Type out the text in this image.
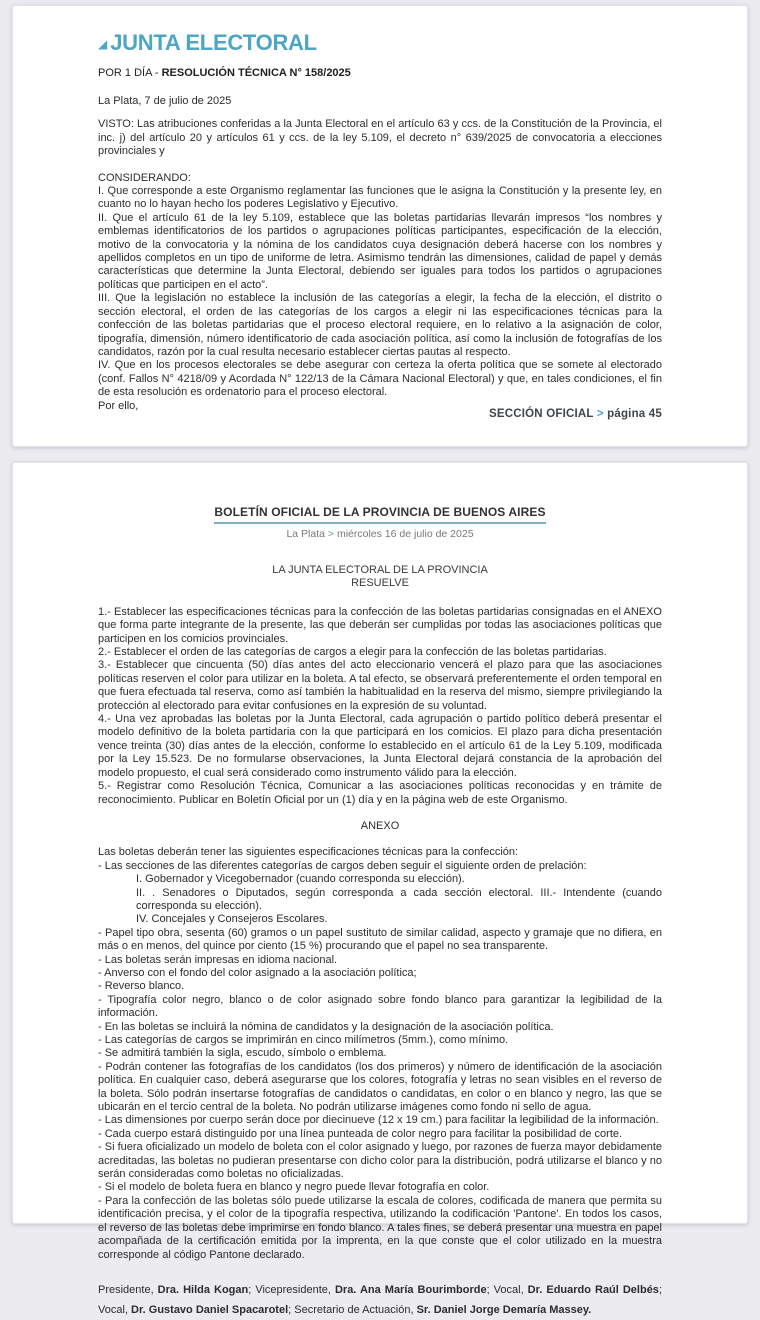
◢ JUNTA ELECTORAL

POR 1 DÍA - RESOLUCIÓN TÉCNICA N° 158/2025

La Plata, 7 de julio de 2025

VISTO: Las atribuciones conferidas a la Junta Electoral en el artículo 63 y ccs. de la Constitución de la Provincia, el inc. j) del artículo 20 y artículos 61 y ccs. de la ley 5.109, el decreto n° 639/2025 de convocatoria a elecciones provinciales y

CONSIDERANDO:

I. Que corresponde a este Organismo reglamentar las funciones que le asigna la Constitución y la presente ley, en cuanto no lo hayan hecho los poderes Legislativo y Ejecutivo.

II. Que el artículo 61 de la ley 5.109, establece que las boletas partidarias llevarán impresos “los nombres y emblemas identificatorios de los partidos o agrupaciones políticas participantes, especificación de la elección, motivo de la convocatoria y la nómina de los candidatos cuya designación deberá hacerse con los nombres y apellidos completos en un tipo de uniforme de letra. Asimismo tendrán las dimensiones, calidad de papel y demás características que determine la Junta Electoral, debiendo ser iguales para todos los partidos o agrupaciones políticas que participen en el acto”.

III. Que la legislación no establece la inclusión de las categorías a elegir, la fecha de la elección, el distrito o sección electoral, el orden de las categorías de los cargos a elegir ni las especificaciones técnicas para la confección de las boletas partidarias que el proceso electoral requiere, en lo relativo a la asignación de color, tipografía, dimensión, número identificatorio de cada asociación política, así como la inclusión de fotografías de los candidatos, razón por la cual resulta necesario establecer ciertas pautas al respecto.

IV. Que en los procesos electorales se debe asegurar con certeza la oferta política que se somete al electorado (conf. Fallos N° 4218/09 y Acordada N° 122/13 de la Cámara Nacional Electoral) y que, en tales condiciones, el fin de esta resolución es ordenatorio para el proceso electoral.

Por ello,

SECCIÓN OFICIAL > página 45
BOLETÍN OFICIAL DE LA PROVINCIA DE BUENOS AIRES

La Plata > miércoles 16 de julio de 2025

LA JUNTA ELECTORAL DE LA PROVINCIA

RESUELVE

1.- Establecer las especificaciones técnicas para la confección de las boletas partidarias consignadas en el ANEXO que forma parte integrante de la presente, las que deberán ser cumplidas por todas las asociaciones políticas que participen en los comicios provinciales.

2.- Establecer el orden de las categorías de cargos a elegir para la confección de las boletas partidarias.

3.- Establecer que cincuenta (50) días antes del acto eleccionario vencerá el plazo para que las asociaciones políticas reserven el color para utilizar en la boleta. A tal efecto, se observará preferentemente el orden temporal en que fuera efectuada tal reserva, como así también la habitualidad en la reserva del mismo, siempre privilegiando la protección al electorado para evitar confusiones en la expresión de su voluntad.

4.- Una vez aprobadas las boletas por la Junta Electoral, cada agrupación o partido político deberá presentar el modelo definitivo de la boleta partidaria con la que participará en los comicios. El plazo para dicha presentación vence treinta (30) días antes de la elección, conforme lo establecido en el artículo 61 de la Ley 5.109, modificada por la Ley 15.523. De no formularse observaciones, la Junta Electoral dejará constancia de la aprobación del modelo propuesto, el cual será considerado como instrumento válido para la elección.

5.- Registrar como Resolución Técnica, Comunicar a las asociaciones políticas reconocidas y en trámite de reconocimiento. Publicar en Boletín Oficial por un (1) día y en la página web de este Organismo.

ANEXO

Las boletas deberán tener las siguientes especificaciones técnicas para la confección:

- Las secciones de las diferentes categorías de cargos deben seguir el siguiente orden de prelación:

I. Gobernador y Vicegobernador (cuando corresponda su elección).

II. . Senadores o Diputados, según corresponda a cada sección electoral. III.- Intendente (cuando corresponda su elección).

IV. Concejales y Consejeros Escolares.

- Papel tipo obra, sesenta (60) gramos o un papel sustituto de similar calidad, aspecto y gramaje que no difiera, en más o en menos, del quince por ciento (15 %) procurando que el papel no sea transparente.

- Las boletas serán impresas en idioma nacional.

- Anverso con el fondo del color asignado a la asociación política;

- Reverso blanco.

- Tipografía color negro, blanco o de color asignado sobre fondo blanco para garantizar la legibilidad de la información.

- En las boletas se incluirá la nómina de candidatos y la designación de la asociación política.

- Las categorías de cargos se imprimirán en cinco milímetros (5mm.), como mínimo.

- Se admitirá también la sigla, escudo, símbolo o emblema.

- Podrán contener las fotografías de los candidatos (los dos primeros) y número de identificación de la asociación política. En cualquier caso, deberá asegurarse que los colores, fotografía y letras no sean visibles en el reverso de la boleta. Sólo podrán insertarse fotografías de candidatos o candidatas, en color o en blanco y negro, las que se ubicarán en el tercio central de la boleta. No podrán utilizarse imágenes como fondo ni sello de agua.

- Las dimensiones por cuerpo serán doce por diecinueve (12 x 19 cm.) para facilitar la legibilidad de la información.

- Cada cuerpo estará distinguido por una línea punteada de color negro para facilitar la posibilidad de corte.

- Si fuera oficializado un modelo de boleta con el color asignado y luego, por razones de fuerza mayor debidamente acreditadas, las boletas no pudieran presentarse con dicho color para la distribución, podrá utilizarse el blanco y no serán consideradas como boletas no oficializadas.

- Si el modelo de boleta fuera en blanco y negro puede llevar fotografía en color.

- Para la confección de las boletas sólo puede utilizarse la escala de colores, codificada de manera que permita su identificación precisa, y el color de la tipografía respectiva, utilizando la codificación 'Pantone'. En todos los casos, el reverso de las boletas debe imprimirse en fondo blanco. A tales fines, se deberá presentar una muestra en papel acompañada de la certificación emitida por la imprenta, en la que conste que el color utilizado en la muestra corresponde al código Pantone declarado.

Presidente, Dra. Hilda Kogan; Vicepresidente, Dra. Ana María Bourimborde; Vocal, Dr. Eduardo Raúl Delbés; Vocal, Dr. Gustavo Daniel Spacarotel; Secretario de Actuación, Sr. Daniel Jorge Demaría Massey.
